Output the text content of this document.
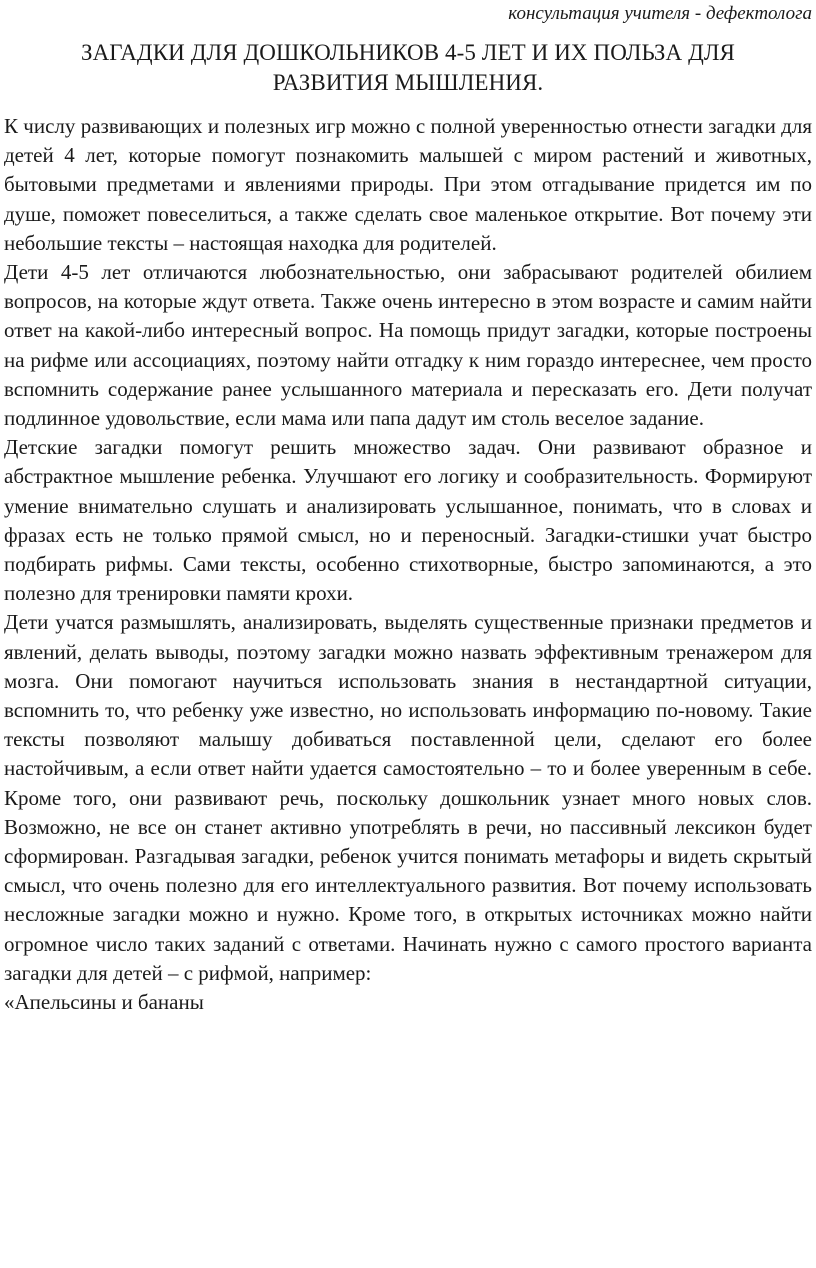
консультация учителя - дефектолога
ЗАГАДКИ ДЛЯ ДОШКОЛЬНИКОВ 4-5 ЛЕТ И ИХ ПОЛЬЗА ДЛЯ
РАЗВИТИЯ МЫШЛЕНИЯ.

К числу развивающих и полезных игр можно с полной уверенностью отнести загадки для детей 4 лет, которые помогут познакомить малышей с миром растений и животных, бытовыми предметами и явлениями природы. При этом отгадывание придется им по душе, поможет повеселиться, а также сделать свое маленькое открытие. Вот почему эти небольшие тексты – настоящая находка для родителей.

Дети 4-5 лет отличаются любознательностью, они забрасывают родителей обилием вопросов, на которые ждут ответа. Также очень интересно в этом возрасте и самим найти ответ на какой-либо интересный вопрос. На помощь придут загадки, которые построены на рифме или ассоциациях, поэтому найти отгадку к ним гораздо интереснее, чем просто вспомнить содержание ранее услышанного материала и пересказать его. Дети получат подлинное удовольствие, если мама или папа дадут им столь веселое задание.

Детские загадки помогут решить множество задач. Они развивают образное и абстрактное мышление ребенка. Улучшают его логику и сообразительность. Формируют умение внимательно слушать и анализировать услышанное, понимать, что в словах и фразах есть не только прямой смысл, но и переносный. Загадки-стишки учат быстро подбирать рифмы. Сами тексты, особенно стихотворные, быстро запоминаются, а это полезно для тренировки памяти крохи.

Дети учатся размышлять, анализировать, выделять существенные признаки предметов и явлений, делать выводы, поэтому загадки можно назвать эффективным тренажером для мозга. Они помогают научиться использовать знания в нестандартной ситуации, вспомнить то, что ребенку уже известно, но использовать информацию по-новому. Такие тексты позволяют малышу добиваться поставленной цели, сделают его более настойчивым, а если ответ найти удается самостоятельно – то и более уверенным в себе. Кроме того, они развивают речь, поскольку дошкольник узнает много новых слов. Возможно, не все он станет активно употреблять в речи, но пассивный лексикон будет сформирован. Разгадывая загадки, ребенок учится понимать метафоры и видеть скрытый смысл, что очень полезно для его интеллектуального развития. Вот почему использовать несложные загадки можно и нужно. Кроме того, в открытых источниках можно найти огромное число таких заданий с ответами. Начинать нужно с самого простого варианта загадки для детей – с рифмой, например:

«Апельсины и бананы
